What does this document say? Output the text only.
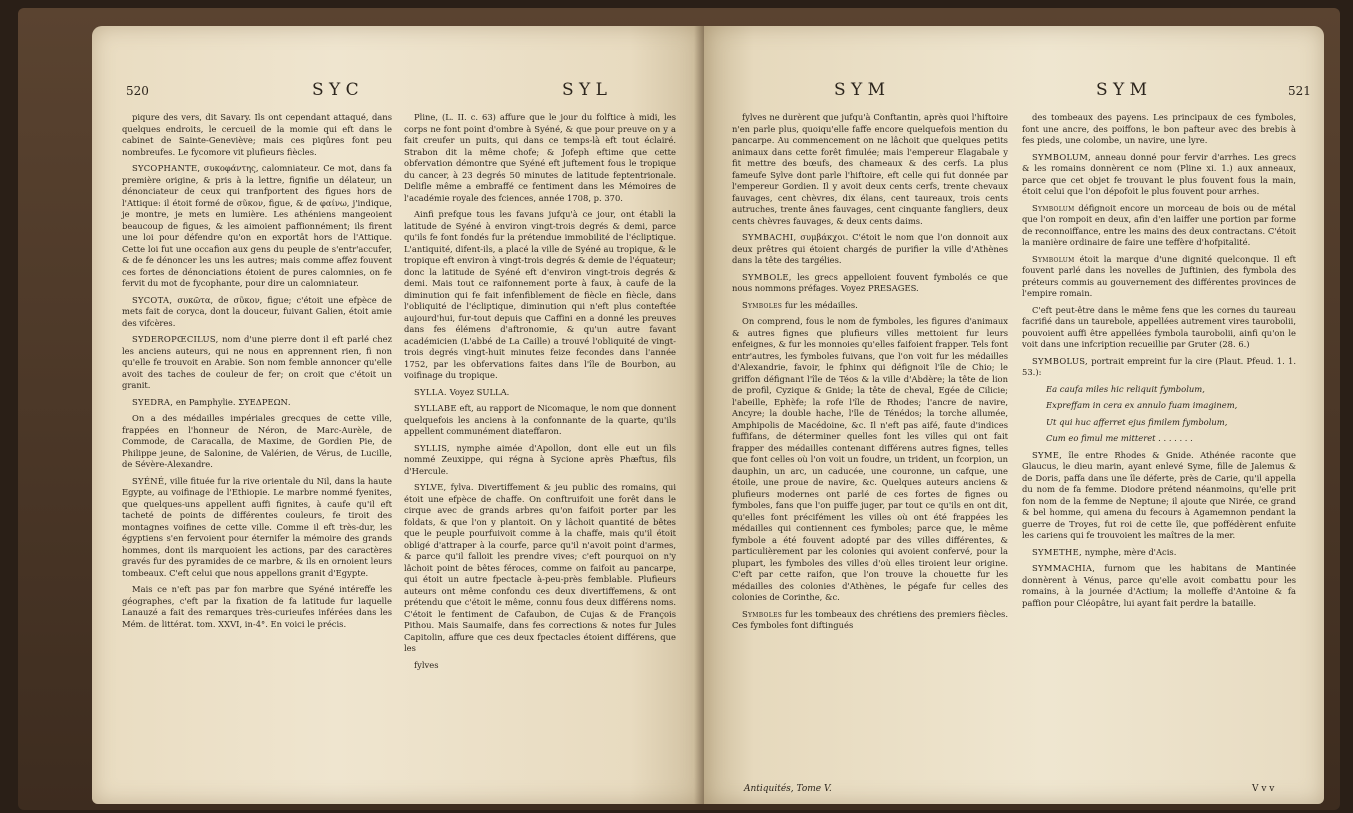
520	S Y C	S Y L

piqure des vers, dit Savary. Ils ont cependant attaqué, dans quelques endroits, le cercueil de la momie qui eft dans le cabinet de Sainte-Geneviève; mais ces piqûres font peu nombreufes. Le fycomore vit plufieurs fiècles.

SYCOPHANTE, συκοφάντης, calomniateur. Ce mot, dans fa première origine, & pris à la lettre, fignifie un délateur, un dénonciateur de ceux qui tranfportent des figues hors de l'Attique: il étoit formé de σῦκον, figue, & de φαίνω, j'indique, je montre, je mets en lumière. Les athéniens mangeoient beaucoup de figues, & les aimoient paffionnément; ils firent une loi pour défendre qu'on en exportât hors de l'Attique. Cette loi fut une occafion aux gens du peuple de s'entr'accufer, & de fe dénoncer les uns les autres; mais comme affez fouvent ces fortes de dénonciations étoient de pures calomnies, on fe fervit du mot de fycophante, pour dire un calomniateur.

SYCOTA, συκῶτα, de σῦκον, figue; c'étoit une efpèce de mets fait de coryca, dont la douceur, fuivant Galien, étoit amie des vifcères.

SYDEROPŒCILUS, nom d'une pierre dont il eft parlé chez les anciens auteurs, qui ne nous en apprennent rien, fi non qu'elle fe trouvoit en Arabie. Son nom femble annoncer qu'elle avoit des taches de couleur de fer; on croit que c'étoit un granit.

SYEDRA, en Pamphylie. ΣΥΕΔΡΕΩΝ.

On a des médailles impériales grecques de cette ville, frappées en l'honneur de Néron, de Marc-Aurèle, de Commode, de Caracalla, de Maxime, de Gordien Pie, de Philippe jeune, de Salonine, de Valérien, de Vérus, de Lucille, de Sévère-Alexandre.

SYÉNÉ, ville fituée fur la rive orientale du Nil, dans la haute Egypte, au voifinage de l'Ethiopie. Le marbre nommé fyenites, que quelques-uns appellent auffi fignites, à caufe qu'il eft tacheté de points de différentes couleurs, fe tiroit des montagnes voifines de cette ville. Comme il eft très-dur, les égyptiens s'en fervoient pour éternifer la mémoire des grands hommes, dont ils marquoient les actions, par des caractères gravés fur des pyramides de ce marbre, & ils en ornoient leurs tombeaux. C'eft celui que nous appellons granit d'Egypte.

Mais ce n'eft pas par fon marbre que Syéné intéreffe les géographes, c'eft par la fixation de fa latitude fur laquelle Lanauzé a fait des remarques très-curieufes inférées dans les Mém. de littérat. tom. XXVI, in-4°. En voici le précis.

Pline, (L. II. c. 63) affure que le jour du folftice à midi, les corps ne font point d'ombre à Syéné, & que pour preuve on y a fait creufer un puits, qui dans ce temps-là eft tout éclairé. Strabon dit la même chofe; & Jofeph eftime que cette obfervation démontre que Syéné eft juftement fous le tropique du cancer, à 23 degrés 50 minutes de latitude feptentrionale. Delifle même a embraffé ce fentiment dans les Mémoires de l'académie royale des fciences, année 1708, p. 370.

Ainfi prefque tous les favans jufqu'à ce jour, ont établi la latitude de Syéné à environ vingt-trois degrés & demi, parce qu'ils fe font fondés fur la prétendue immobilité de l'écliptique. L'antiquité, difent-ils, a placé la ville de Syéné au tropique, & le tropique eft environ à vingt-trois degrés & demie de l'équateur; donc la latitude de Syéné eft d'environ vingt-trois degrés & demi. Mais tout ce raifonnement porte à faux, à caufe de la diminution qui fe fait infenfiblement de fiècle en fiècle, dans l'obliquité de l'écliptique, diminution qui n'eft plus conteftée aujourd'hui, fur-tout depuis que Caffini en a donné les preuves dans fes élémens d'aftronomie, & qu'un autre favant académicien (L'abbé de La Caille) a trouvé l'obliquité de vingt-trois degrés vingt-huit minutes feize fecondes dans l'année 1752, par les obfervations faites dans l'île de Bourbon, au voifinage du tropique.

SYLLA. Voyez SULLA.

SYLLABE eft, au rapport de Nicomaque, le nom que donnent quelquefois les anciens à la confonnante de la quarte, qu'ils appellent communément diateffaron.

SYLLIS, nymphe aimée d'Apollon, dont elle eut un fils nommé Zeuxippe, qui régna à Sycione après Phæftus, fils d'Hercule.

SYLVE, fylva. Divertiffement & jeu public des romains, qui étoit une efpèce de chaffe. On conftruifoit une forêt dans le cirque avec de grands arbres qu'on faifoit porter par les foldats, & que l'on y plantoit. On y lâchoit quantité de bêtes que le peuple pourfuivoit comme à la chaffe, mais qu'il étoit obligé d'attraper à la courfe, parce qu'il n'avoit point d'armes, & parce qu'il falloit les prendre vives; c'eft pourquoi on n'y lâchoit point de bêtes féroces, comme on faifoit au pancarpe, qui étoit un autre fpectacle à-peu-près femblable. Plufieurs auteurs ont même confondu ces deux divertiffemens, & ont prétendu que c'étoit le même, connu fous deux différens noms. C'étoit le fentiment de Cafaubon, de Cujas & de François Pithou. Mais Saumaife, dans fes corrections & notes fur Jules Capitolin, affure que ces deux fpectacles étoient différens, que les

fylves

S Y M	S Y M	521

fylves ne durèrent que jufqu'à Conftantin, après quoi l'hiftoire n'en parle plus, quoiqu'elle faffe encore quelquefois mention du pancarpe. Au commencement on ne lâchoit que quelques petits animaux dans cette forêt fimulée; mais l'empereur Elagabale y fit mettre des bœufs, des chameaux & des cerfs. La plus fameufe Sylve dont parle l'hiftoire, eft celle qui fut donnée par l'empereur Gordien. Il y avoit deux cents cerfs, trente chevaux fauvages, cent chèvres, dix élans, cent taureaux, trois cents autruches, trente ânes fauvages, cent cinquante fangliers, deux cents chèvres fauvages, & deux cents daims.

SYMBACHI, συμβάκχοι. C'étoit le nom que l'on donnoit aux deux prêtres qui étoient chargés de purifier la ville d'Athènes dans la tête des targélies.

SYMBOLE, les grecs appelloient fouvent fymbolés ce que nous nommons préfages. Voyez PRESAGES.

Symboles fur les médailles.

On comprend, fous le nom de fymboles, les figures d'animaux & autres fignes que plufieurs villes mettoient fur leurs enfeignes, & fur les monnoies qu'elles faifoient frapper. Tels font entr'autres, les fymboles fuivans, que l'on voit fur les médailles d'Alexandrie, favoir, le fphinx qui défignoit l'île de Chio; le griffon défignant l'île de Téos & la ville d'Abdère; la tête de lion de profil, Cyzique & Gnide; la tête de cheval, Egée de Cilicie; l'abeille, Ephèfe; la rofe l'île de Rhodes; l'ancre de navire, Ancyre; la double hache, l'île de Ténédos; la torche allumée, Amphipolis de Macédoine, &c. Il n'eft pas aifé, faute d'indices fuffifans, de déterminer quelles font les villes qui ont fait frapper des médailles contenant différens autres fignes, telles que font celles où l'on voit un foudre, un trident, un fcorpion, un dauphin, un arc, un caducée, une couronne, un cafque, une étoile, une proue de navire, &c. Quelques auteurs anciens & plufieurs modernes ont parlé de ces fortes de fignes ou fymboles, fans que l'on puiffe juger, par tout ce qu'ils en ont dit, qu'elles font précifément les villes où ont été frappées les médailles qui contiennent ces fymboles; parce que, le même fymbole a été fouvent adopté par des villes différentes, & particulièrement par les colonies qui avoient confervé, pour la plupart, les fymboles des villes d'où elles tiroient leur origine. C'eft par cette raifon, que l'on trouve la chouette fur les médailles des colonies d'Athènes, le pégafe fur celles des colonies de Corinthe, &c.

Symboles fur les tombeaux des chrétiens des premiers fiècles. Ces fymboles font diftingués

des tombeaux des payens. Les principaux de ces fymboles, font une ancre, des poiffons, le bon pafteur avec des brebis à fes pieds, une colombe, un navire, une lyre.

SYMBOLUM, anneau donné pour fervir d'arrhes. Les grecs & les romains donnèrent ce nom (Pline xi. 1.) aux anneaux, parce que cet objet fe trouvant le plus fouvent fous la main, étoit celui que l'on dépofoit le plus fouvent pour arrhes.

Symbolum défignoit encore un morceau de bois ou de métal que l'on rompoit en deux, afin d'en laiffer une portion par forme de reconnoiffance, entre les mains des deux contractans. C'étoit la manière ordinaire de faire une teffère d'hofpitalité.

Symbolum étoit la marque d'une dignité quelconque. Il eft fouvent parlé dans les novelles de Juftinien, des fymbola des préteurs commis au gouvernement des différentes provinces de l'empire romain.

C'eft peut-être dans le même fens que les cornes du taureau facrifié dans un taurebole, appellées autrement vires taurobolii, pouvoient auffi être appellées fymbola taurobolii, ainfi qu'on le voit dans une infcription recueillie par Gruter (28. 6.)

SYMBOLUS, portrait empreint fur la cire (Plaut. Pfeud. 1. 1. 53.):

Ea caufa miles hic reliquit fymbolum,

Expreffam in cera ex annulo fuam imaginem,

Ut qui huc afferret ejus fimilem fymbolum,

Cum eo fimul me mitteret . . . . . . .

SYME, île entre Rhodes & Gnide. Athénée raconte que Glaucus, le dieu marin, ayant enlevé Syme, fille de Jalemus & de Doris, paffa dans une île déferte, près de Carie, qu'il appella du nom de fa femme. Diodore prétend néanmoins, qu'elle prit fon nom de la femme de Neptune; il ajoute que Nirée, ce grand & bel homme, qui amena du fecours à Agamemnon pendant la guerre de Troyes, fut roi de cette île, que poffédèrent enfuite les cariens qui fe trouvoient les maîtres de la mer.

SYMETHE, nymphe, mère d'Acis.

SYMMACHIA, furnom que les habitans de Mantinée donnèrent à Vénus, parce qu'elle avoit combattu pour les romains, à la journée d'Actium; la molleffe d'Antoine & fa paffion pour Cléopâtre, lui ayant fait perdre la bataille.

Antiquités, Tome V.	V v v
